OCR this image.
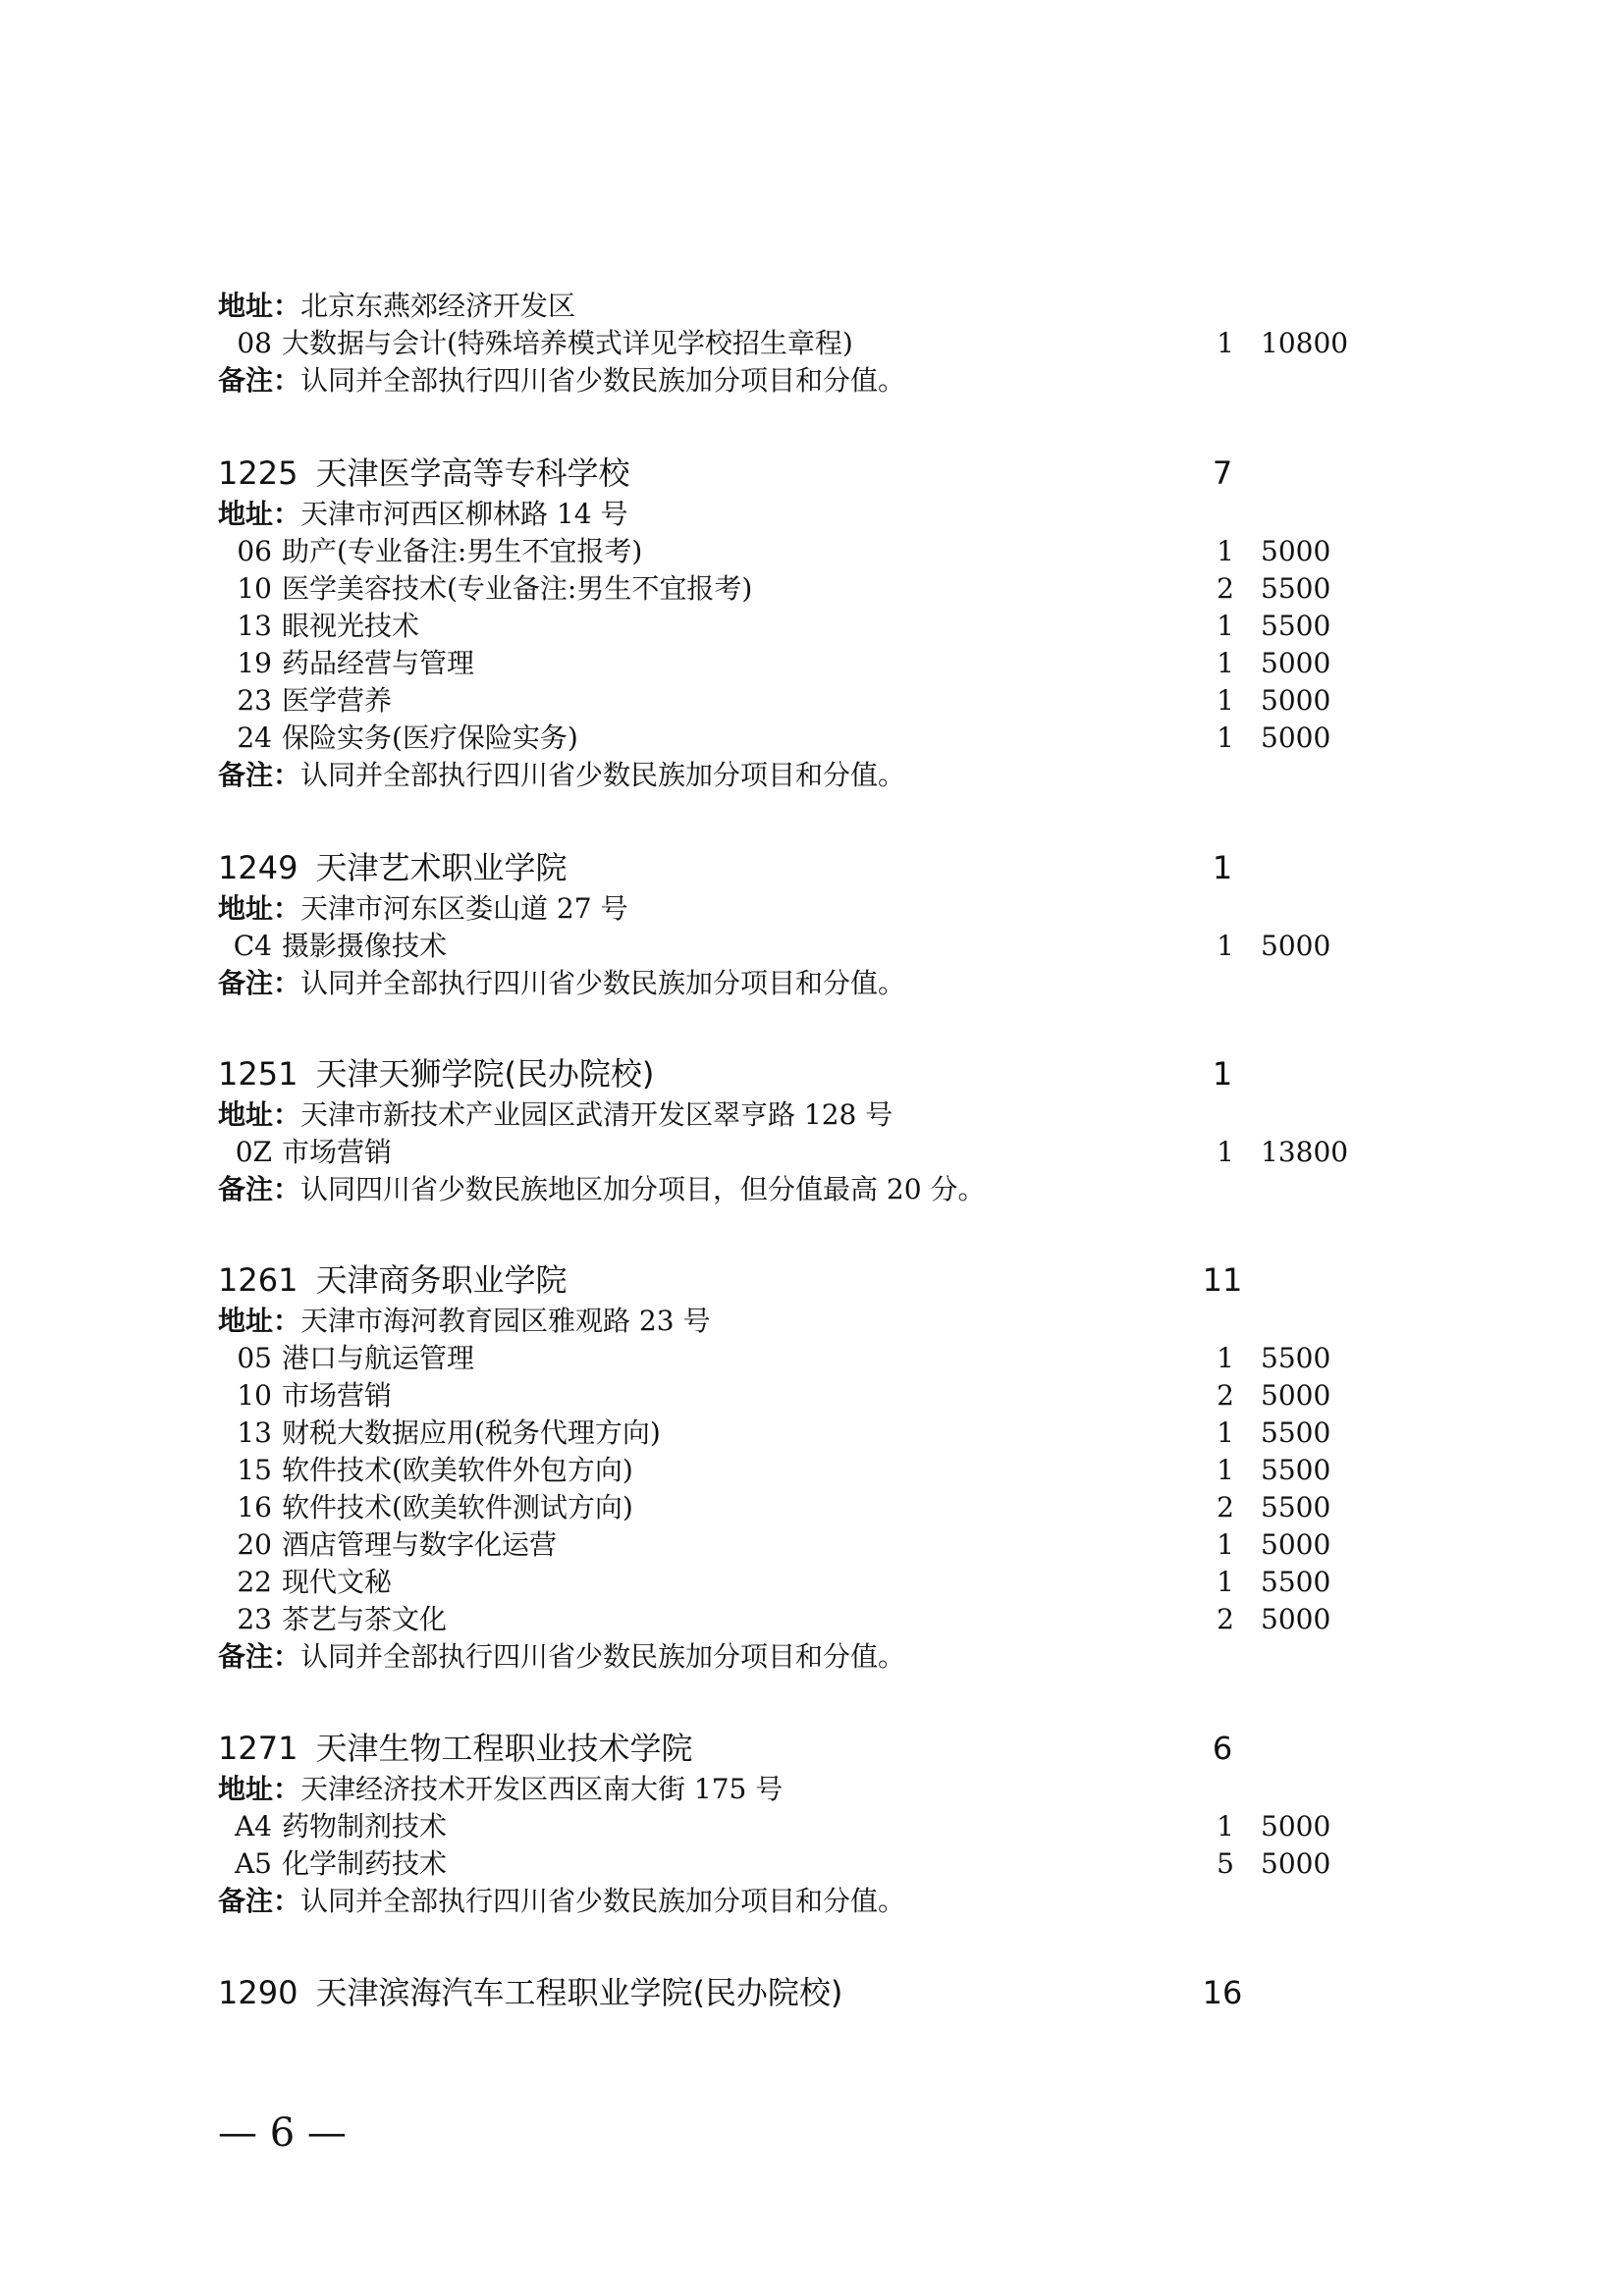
地址：北京东燕郊经济开发区
08 大数据与会计(特殊培养模式详见学校招生章程)	1 10800
备注：认同并全部执行四川省少数民族加分项目和分值。
1225 天津医学高等专科学校	7
地址：天津市河西区柳林路 14 号
06 助产(专业备注:男生不宜报考)	1 5000
10 医学美容技术(专业备注:男生不宜报考)	2 5500
13 眼视光技术	1 5500
19 药品经营与管理	1 5000
23 医学营养	1 5000
24 保险实务(医疗保险实务)	1 5000
备注：认同并全部执行四川省少数民族加分项目和分值。
1249 天津艺术职业学院	1
地址：天津市河东区娄山道 27 号
C4 摄影摄像技术	1 5000
备注：认同并全部执行四川省少数民族加分项目和分值。
1251 天津天狮学院(民办院校)	1
地址：天津市新技术产业园区武清开发区翠亨路 128 号
0Z 市场营销	1 13800
备注：认同四川省少数民族地区加分项目，但分值最高 20 分。
1261 天津商务职业学院	11
地址：天津市海河教育园区雅观路 23 号
05 港口与航运管理	1 5500
10 市场营销	2 5000
13 财税大数据应用(税务代理方向)	1 5500
15 软件技术(欧美软件外包方向)	1 5500
16 软件技术(欧美软件测试方向)	2 5500
20 酒店管理与数字化运营	1 5000
22 现代文秘	1 5500
23 茶艺与茶文化	2 5000
备注：认同并全部执行四川省少数民族加分项目和分值。
1271 天津生物工程职业技术学院	6
地址：天津经济技术开发区西区南大街 175 号
A4 药物制剂技术	1 5000
A5 化学制药技术	5 5000
备注：认同并全部执行四川省少数民族加分项目和分值。
1290 天津滨海汽车工程职业学院(民办院校)	16
— 6 —
